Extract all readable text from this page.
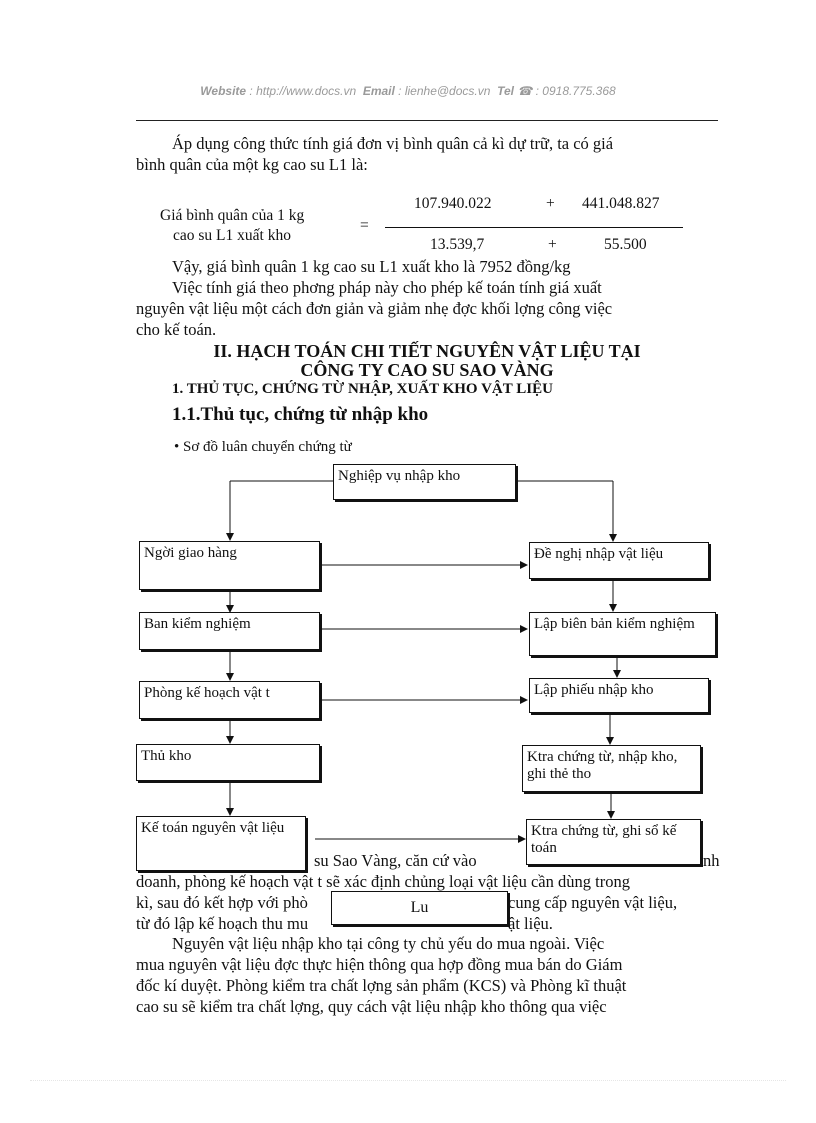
Website : http://www.docs.vn Email : lienhe@docs.vn Tel ☎ : 0918.775.368
Áp dụng công thức tính giá đơn vị bình quân cả kì dự trữ, ta có giá
bình quân của một kg cao su L1 là:
Giá bình quân của 1 kg
cao su L1 xuất kho
=
107.940.022	+ 441.048.827
13.539,7	+	55.500
Vậy, giá bình quân 1 kg cao su L1 xuất kho là 7952 đồng/kg
Việc tính giá theo phơng pháp này cho phép kế toán tính giá xuất
nguyên vật liệu một cách đơn giản và giảm nhẹ đợc khối lợng công việc
cho kế toán.
II. HẠCH TOÁN CHI TIẾT NGUYÊN VẬT LIỆU TẠI
CÔNG TY CAO SU SAO VÀNG
1. THỦ TỤC, CHỨNG TỪ NHẬP, XUẤT KHO VẬT LIỆU
1.1.Thủ tục, chứng từ nhập kho
• Sơ đồ luân chuyển chứng từ
Nghiệp vụ nhập kho
Ngời giao hàng
Ban kiểm nghiệm
Phòng kế hoạch vật t
Thủ kho
Kế toán nguyên vật liệu
Đề nghị nhập vật liệu
Lập biên bản kiểm nghiệm
Lập phiếu nhập kho
Ktra chứng từ, nhập kho, ghi thẻ tho
Ktra chứng từ, ghi sổ kế toán
su Sao Vàng, căn cứ vào	nh
doanh, phòng kế hoạch vật t sẽ xác định chủng loại vật liệu cần dùng trong
kì, sau đó kết hợp với phò	cung cấp nguyên vật liệu,
từ đó lập kế hoạch thu mu	ật liệu.
Lu
Nguyên vật liệu nhập kho tại công ty chủ yếu do mua ngoài. Việc
mua nguyên vật liệu đợc thực hiện thông qua hợp đồng mua bán do Giám
đốc kí duyệt. Phòng kiểm tra chất lợng sản phẩm (KCS) và Phòng kĩ thuật
cao su sẽ kiểm tra chất lợng, quy cách vật liệu nhập kho thông qua việc
